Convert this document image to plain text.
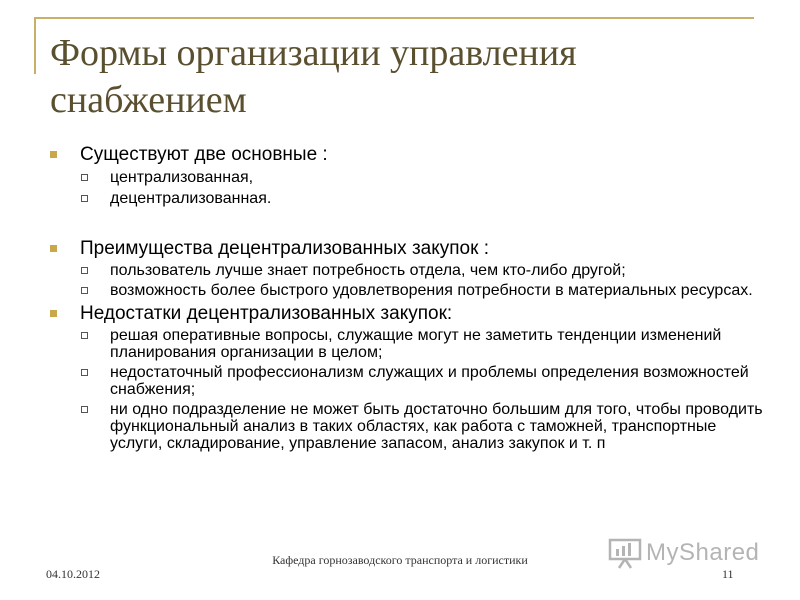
Формы организации управления снабжением

Существуют две основные :

централизованная,

децентрализованная.

Преимущества децентрализованных закупок :

пользователь лучше знает потребность отдела, чем кто-либо другой;

возможность более быстрого удовлетворения потребности в материальных ресурсах.

Недостатки децентрализованных закупок:

решая оперативные вопросы, служащие могут не заметить тенденции изменений планирования организации в целом;

недостаточный профессионализм служащих и проблемы определения возможностей снабжения;

ни одно подразделение не может быть достаточно большим для того, чтобы проводить функциональный анализ в таких областях, как работа с таможней, транспортные услуги, складирование, управление запасом, анализ закупок и т. п

04.10.2012
Кафедра горнозаводского транспорта и логистики
11
MyShared
